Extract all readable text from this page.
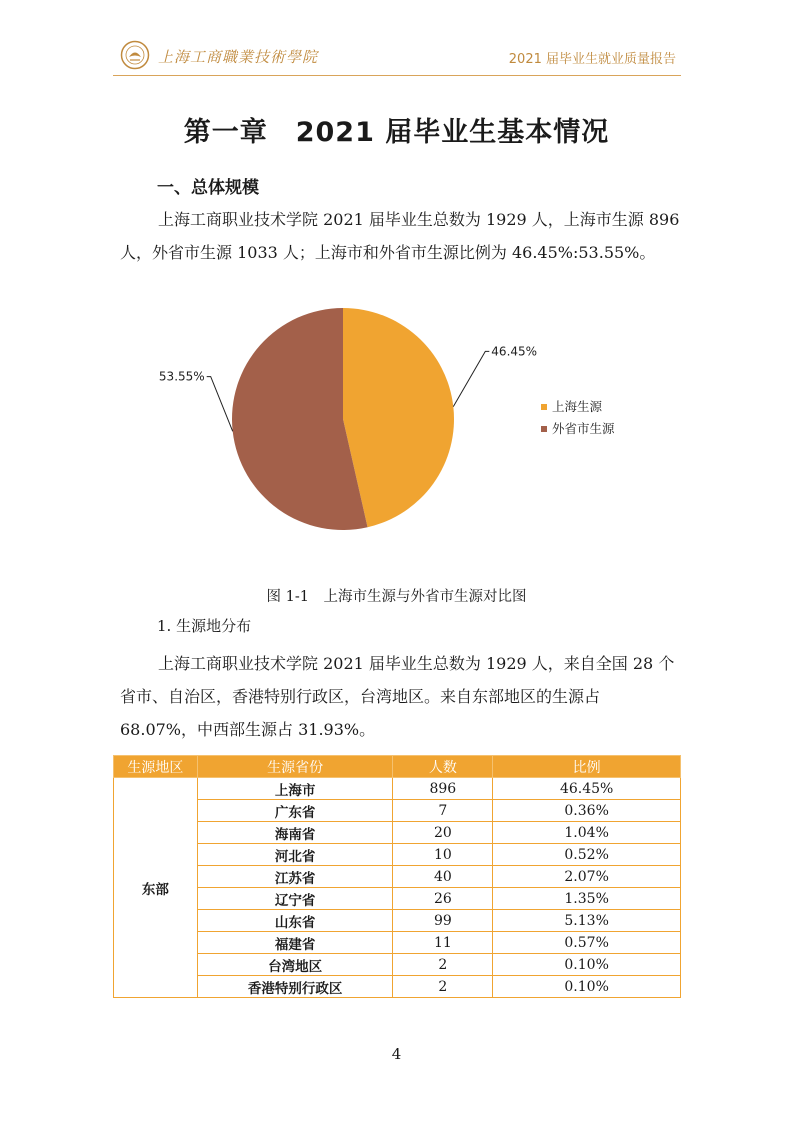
上海工商職業技術學院	2021 届毕业生就业质量报告
第一章　2021 届毕业生基本情况
一、总体规模
上海工商职业技术学院 2021 届毕业生总数为 1929 人，上海市生源 896 人，外省市生源 1033 人；上海市和外省市生源比例为 46.45%:53.55%。
46.45%
53.55%
上海生源
外省市生源
图 1-1　上海市生源与外省市生源对比图
1. 生源地分布
上海工商职业技术学院 2021 届毕业生总数为 1929 人，来自全国 28 个省市、自治区，香港特别行政区，台湾地区。来自东部地区的生源占 68.07%，中西部生源占 31.93%。
生源地区	生源省份	人数	比例
东部	上海市	896	46.45%
	广东省	7	0.36%
	海南省	20	1.04%
	河北省	10	0.52%
	江苏省	40	2.07%
	辽宁省	26	1.35%
	山东省	99	5.13%
	福建省	11	0.57%
	台湾地区	2	0.10%
	香港特别行政区	2	0.10%
4
